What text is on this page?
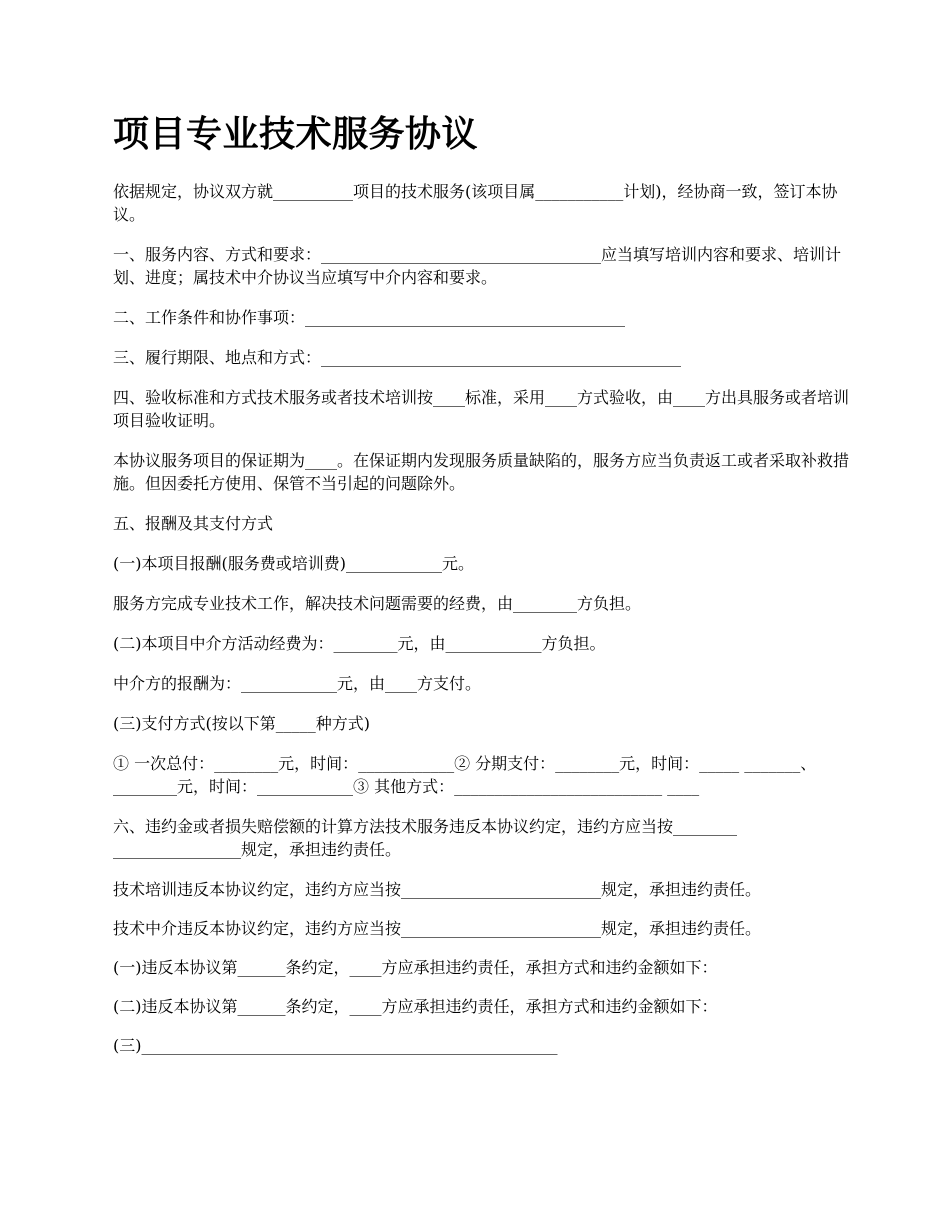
项目专业技术服务协议

依据规定，协议双方就__________项目的技术服务(该项目属___________计划)，经协商一致，签订本协议。

一、服务内容、方式和要求：___________________________________应当填写培训内容和要求、培训计划、进度；属技术中介协议当应填写中介内容和要求。

二、工作条件和协作事项：________________________________________

三、履行期限、地点和方式：_____________________________________________

四、验收标准和方式技术服务或者技术培训按____标准，采用____方式验收，由____方出具服务或者培训项目验收证明。

本协议服务项目的保证期为____。在保证期内发现服务质量缺陷的，服务方应当负责返工或者采取补救措施。但因委托方使用、保管不当引起的问题除外。

五、报酬及其支付方式

(一)本项目报酬(服务费或培训费)____________元。

服务方完成专业技术工作，解决技术问题需要的经费，由________方负担。

(二)本项目中介方活动经费为：________元，由____________方负担。

中介方的报酬为：____________元，由____方支付。

(三)支付方式(按以下第_____种方式)

① 一次总付：________元，时间：____________② 分期支付：________元，时间：_____ _______、________元，时间：____________③ 其他方式：__________________________ ____

六、违约金或者损失赔偿额的计算方法技术服务违反本协议约定，违约方应当按________ ________________规定，承担违约责任。

技术培训违反本协议约定，违约方应当按_________________________规定，承担违约责任。

技术中介违反本协议约定，违约方应当按_________________________规定，承担违约责任。

(一)违反本协议第______条约定，____方应承担违约责任，承担方式和违约金额如下：

(二)违反本协议第______条约定，____方应承担违约责任，承担方式和违约金额如下：

(三)____________________________________________________
